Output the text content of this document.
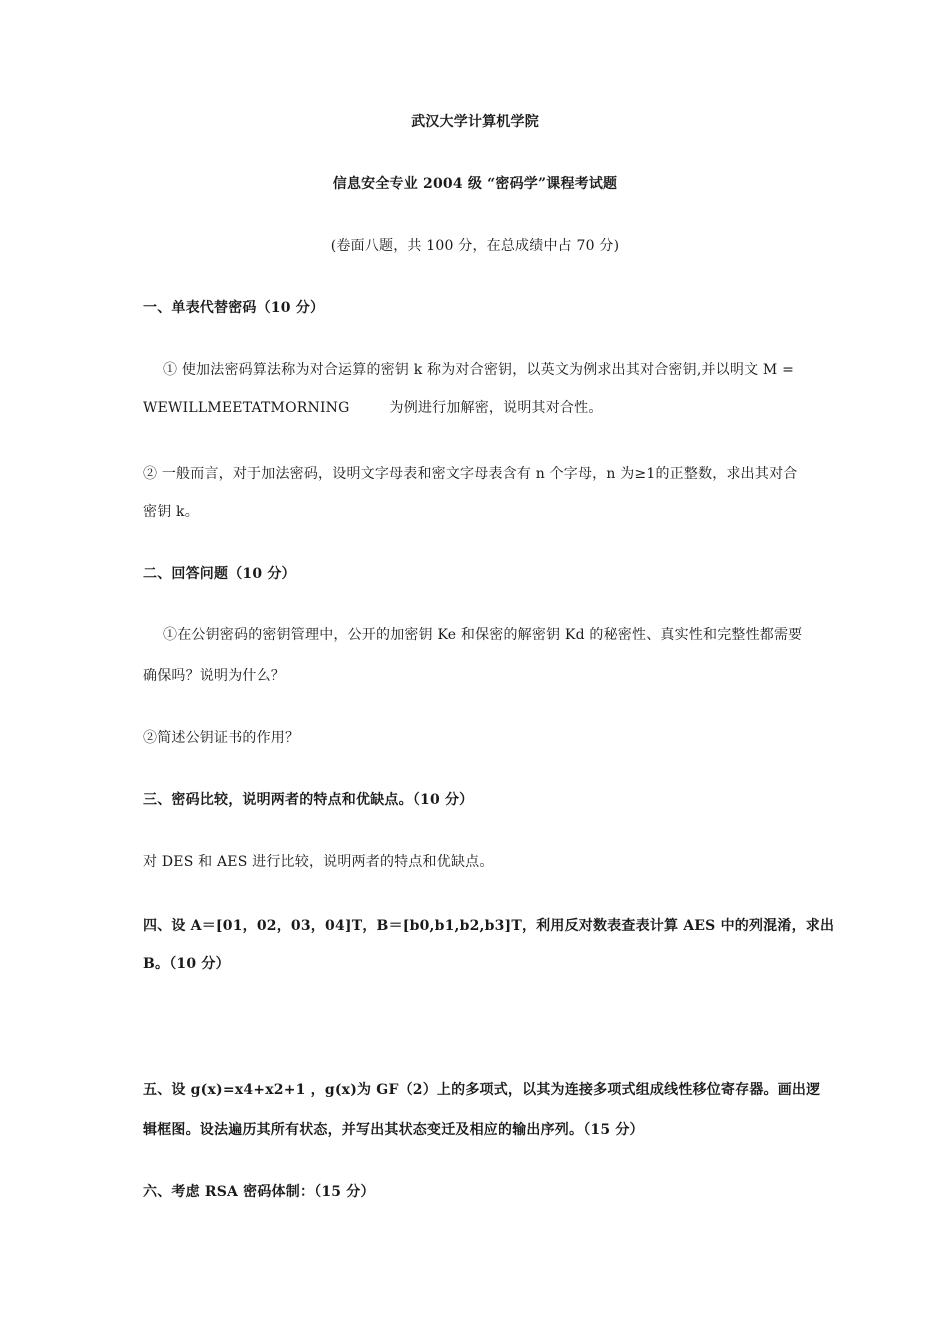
武汉大学计算机学院
信息安全专业 2004 级 “密码学”课程考试题
(卷面八题，共 100 分，在总成绩中占 70 分)
一、单表代替密码（10 分）
① 使加法密码算法称为对合运算的密钥 k 称为对合密钥，以英文为例求出其对合密钥,并以明文 M =
WEWILLMEETATMORNING	为例进行加解密，说明其对合性。
② 一般而言，对于加法密码，设明文字母表和密文字母表含有 n 个字母，n 为≥1的正整数，求出其对合
密钥 k。
二、回答问题（10 分）
①在公钥密码的密钥管理中，公开的加密钥 Ke 和保密的解密钥 Kd 的秘密性、真实性和完整性都需要
确保吗？说明为什么？
②简述公钥证书的作用？
三、密码比较，说明两者的特点和优缺点。（10 分）
对 DES 和 AES 进行比较，说明两者的特点和优缺点。
四、设 A＝[01，02，03，04]T，B＝[b0,b1,b2,b3]T，利用反对数表查表计算 AES 中的列混淆，求出
B。（10 分）
五、设 g(x)=x4+x2+1 ，g(x)为 GF（2）上的多项式，以其为连接多项式组成线性移位寄存器。画出逻
辑框图。设法遍历其所有状态，并写出其状态变迁及相应的输出序列。（15 分）
六、考虑 RSA 密码体制：（15 分）
